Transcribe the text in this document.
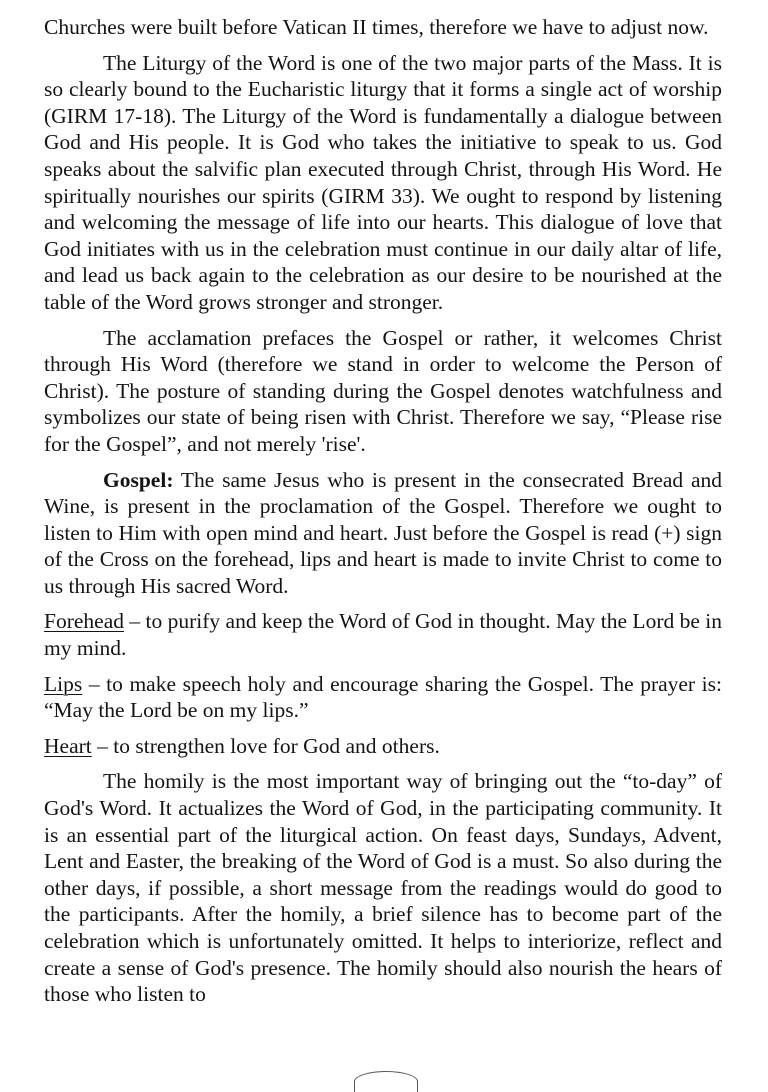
Churches were built before Vatican II times, therefore we have to adjust now.

The Liturgy of the Word is one of the two major parts of the Mass. It is so clearly bound to the Eucharistic liturgy that it forms a single act of worship (GIRM 17-18). The Liturgy of the Word is fundamentally a dialogue between God and His people. It is God who takes the initiative to speak to us. God speaks about the salvific plan executed through Christ, through His Word. He spiritually nourishes our spirits (GIRM 33). We ought to respond by listening and welcoming the message of life into our hearts. This dialogue of love that God initiates with us in the celebration must continue in our daily altar of life, and lead us back again to the celebration as our desire to be nourished at the table of the Word grows stronger and stronger.

The acclamation prefaces the Gospel or rather, it welcomes Christ through His Word (therefore we stand in order to welcome the Person of Christ). The posture of standing during the Gospel denotes watchfulness and symbolizes our state of being risen with Christ. Therefore we say, “Please rise for the Gospel”, and not merely 'rise'.

Gospel: The same Jesus who is present in the consecrated Bread and Wine, is present in the proclamation of the Gospel. Therefore we ought to listen to Him with open mind and heart. Just before the Gospel is read (+) sign of the Cross on the forehead, lips and heart is made to invite Christ to come to us through His sacred Word.

Forehead – to purify and keep the Word of God in thought. May the Lord be in my mind.

Lips – to make speech holy and encourage sharing the Gospel. The prayer is: “May the Lord be on my lips.”

Heart – to strengthen love for God and others.

The homily is the most important way of bringing out the “to-day” of God's Word. It actualizes the Word of God, in the participating community. It is an essential part of the liturgical action. On feast days, Sundays, Advent, Lent and Easter, the breaking of the Word of God is a must. So also during the other days, if possible, a short message from the readings would do good to the participants. After the homily, a brief silence has to become part of the celebration which is unfortunately omitted. It helps to interiorize, reflect and create a sense of God's presence. The homily should also nourish the hears of those who listen to
